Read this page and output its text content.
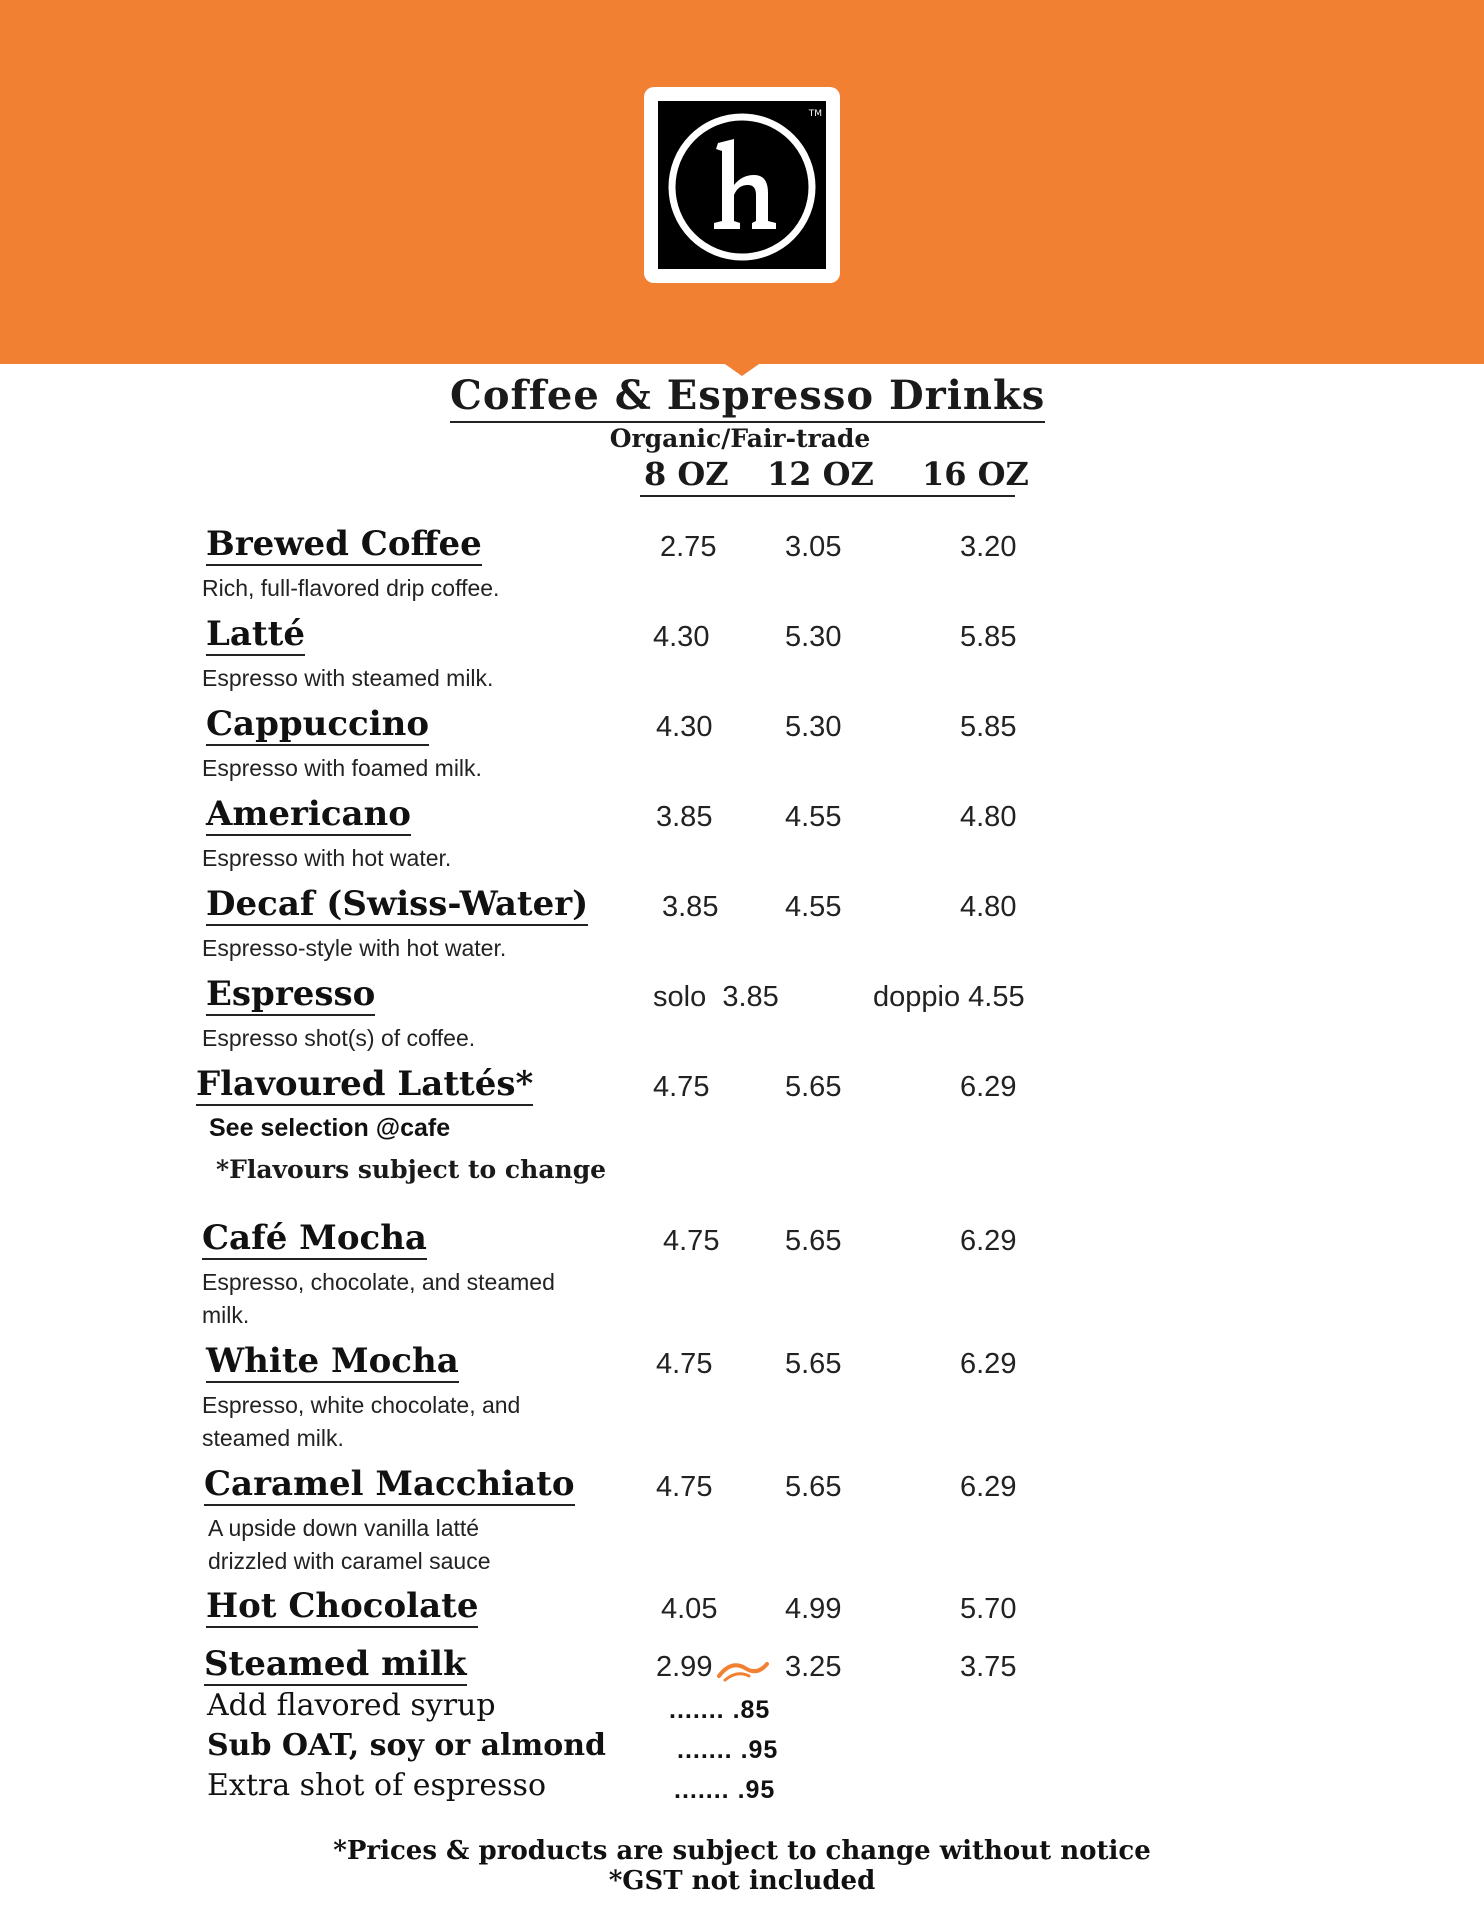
TM
Coffee & Espresso Drinks
Organic/Fair-trade
8 OZ 12 OZ 16 OZ
Brewed Coffee
Rich, full-flavored drip coffee.
2.75 3.05	3.20
Latté
Espresso with steamed milk.
4.30	5.30	5.85
Cappuccino
Espresso with foamed milk.
4.30	5.30	5.85
Americano
Espresso with hot water.
3.85	4.55	4.80
Decaf (Swiss-Water)
Espresso-style with hot water.
3.85 4.55	4.80
Espresso
Espresso shot(s) of coffee.
solo  3.85	doppio 4.55
Flavoured Lattés*
See selection @cafe
*Flavours subject to change
4.75	5.65	6.29
Café Mocha
Espresso, chocolate, and steamed
milk.
4.75 5.65	6.29
White Mocha
Espresso, white chocolate, and
steamed milk.
4.75	5.65	6.29
Caramel Macchiato
A upside down vanilla latté
drizzled with caramel sauce
4.75	5.65	6.29
Hot Chocolate	4.05 4.99	5.70
Steamed milk	2.99	3.25	3.75
Add flavored syrup	....... .85
Sub OAT, soy or almond	....... .95
Extra shot of espresso	....... .95
*Prices & products are subject to change without notice
*GST not included
